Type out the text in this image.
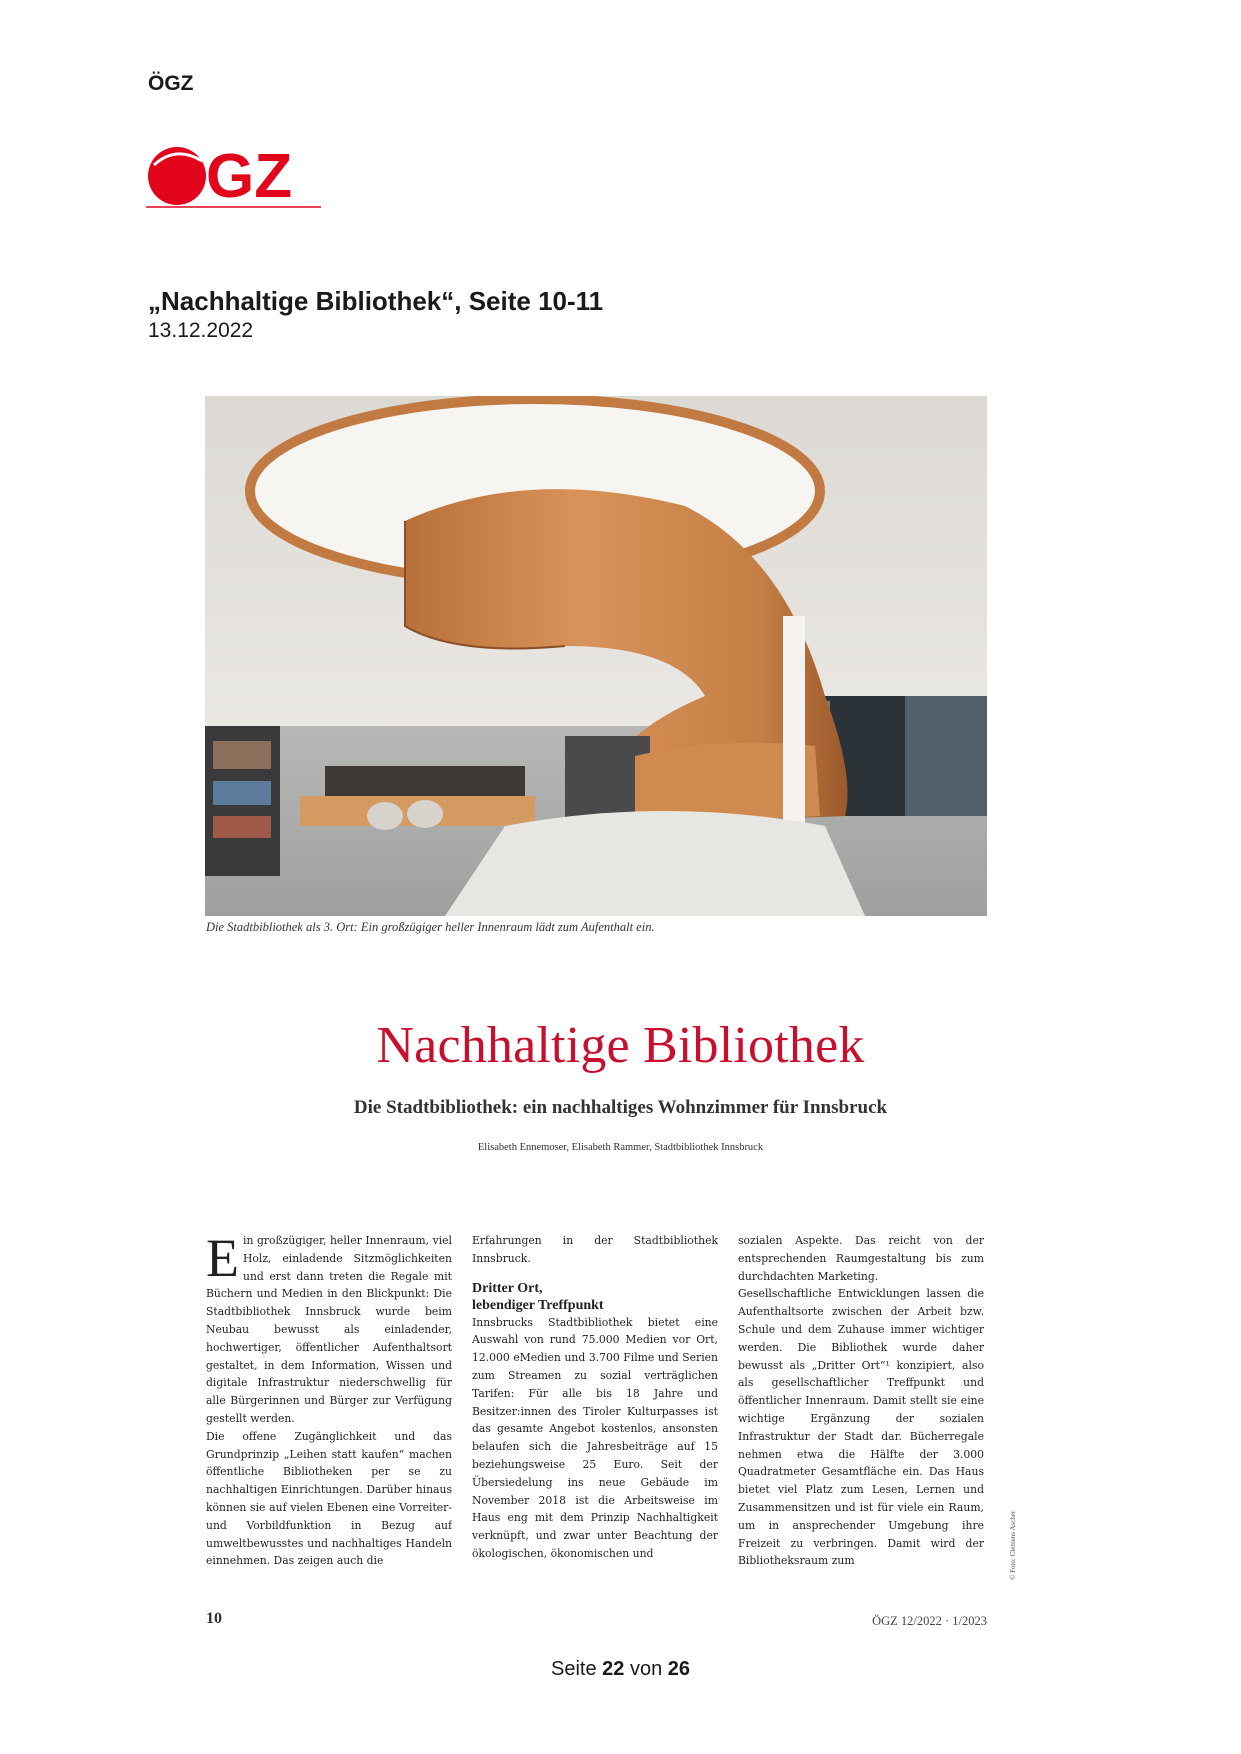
ÖGZ
GZ
„Nachhaltige Bibliothek“, Seite 10-11
13.12.2022
Die Stadtbibliothek als 3. Ort: Ein großzügiger heller Innenraum lädt zum Aufenthalt ein.
Nachhaltige Bibliothek
Die Stadtbibliothek: ein nachhaltiges Wohnzimmer für Innsbruck
Elisabeth Ennemoser, Elisabeth Rammer, Stadtbibliothek Innsbruck
E in großzügiger, heller Innenraum, viel Holz, einladende Sitzmöglichkeiten und erst dann treten die Regale mit Büchern und Medien in den Blickpunkt: Die Stadtbibliothek Innsbruck wurde beim Neubau bewusst als einladender, hochwertiger, öffentlicher Aufenthaltsort gestaltet, in dem Information, Wissen und digitale Infrastruktur niederschwellig für alle Bürgerinnen und Bürger zur Verfügung gestellt werden.

Die offene Zugänglichkeit und das Grundprinzip „Leihen statt kaufen“ machen öffentliche Bibliotheken per se zu nachhaltigen Einrichtungen. Darüber hinaus können sie auf vielen Ebenen eine Vorreiter- und Vorbildfunktion in Bezug auf umweltbewusstes und nachhaltiges Handeln einnehmen. Das zeigen auch die

Erfahrungen in der Stadtbibliothek Innsbruck.

Dritter Ort,
lebendiger Treffpunkt

Innsbrucks Stadtbibliothek bietet eine Auswahl von rund 75.000 Medien vor Ort, 12.000 eMedien und 3.700 Filme und Serien zum Streamen zu sozial verträglichen Tarifen: Für alle bis 18 Jahre und Besitzer:innen des Tiroler Kulturpasses ist das gesamte Angebot kostenlos, ansonsten belaufen sich die Jahresbeiträge auf 15 beziehungsweise 25 Euro. Seit der Übersiedelung ins neue Gebäude im November 2018 ist die Arbeitsweise im Haus eng mit dem Prinzip Nachhaltigkeit verknüpft, und zwar unter Beachtung der ökologischen, ökonomischen und

sozialen Aspekte. Das reicht von der entsprechenden Raumgestaltung bis zum durchdachten Marketing.

Gesellschaftliche Entwicklungen lassen die Aufenthaltsorte zwischen der Arbeit bzw. Schule und dem Zuhause immer wichtiger werden. Die Bibliothek wurde daher bewusst als „Dritter Ort“¹ konzipiert, also als gesellschaftlicher Treffpunkt und öffentlicher Innenraum. Damit stellt sie eine wichtige Ergänzung der sozialen Infrastruktur der Stadt dar. Bücherregale nehmen etwa die Hälfte der 3.000 Quadratmeter Gesamtfläche ein. Das Haus bietet viel Platz zum Lesen, Lernen und Zusammensitzen und ist für viele ein Raum, um in ansprechender Umgebung ihre Freizeit zu verbringen. Damit wird der Bibliotheksraum zum	© Foto: Clemens Ascher
10	ÖGZ 12/2022 · 1/2023
Seite 22 von 26
